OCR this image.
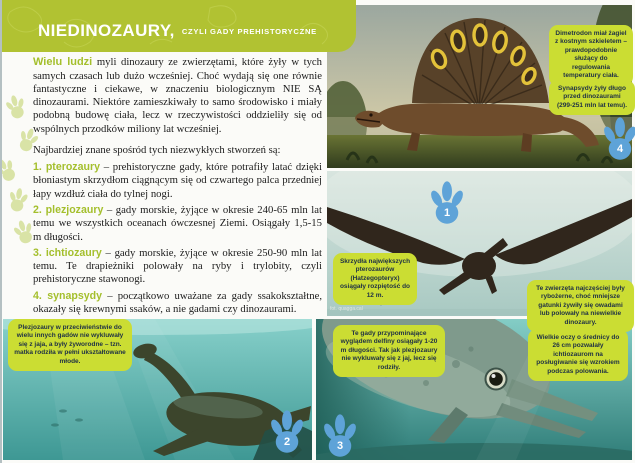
fot. quagga.cal
NIEDINOZAURY, CZYLI GADY PREHISTORYCZNE

Wielu ludzi myli dinozaury ze zwierzętami, które żyły w tych samych czasach lub dużo wcześniej. Choć wydają się one równie fantastyczne i ciekawe, w znaczeniu biologicznym NIE SĄ dinozaurami. Niektóre zamieszkiwały to samo środowisko i miały podobną budowę ciała, lecz w rzeczywistości oddzieliły się od wspólnych przodków miliony lat wcześniej.

Najbardziej znane spośród tych niezwykłych stworzeń są:

1. pterozaury – prehistoryczne gady, które potrafiły latać dzięki błoniastym skrzydłom ciągnącym się od czwartego palca przedniej łapy wzdłuż ciała do tylnej nogi.
2. plezjozaury – gady morskie, żyjące w okresie 240-65 mln lat temu we wszystkich oceanach ówczesnej Ziemi. Osiągały 1,5-15 m długości.
3. ichtiozaury – gady morskie, żyjące w okresie 250-90 mln lat temu. Te drapieżniki polowały na ryby i trylobity, czyli prehistoryczne stawonogi.
4. synapsydy – początkowo uważane za gady ssakokształtne, okazały się krewnymi ssaków, a nie gadami czy dinozaurami.
Dimetrodon miał żagiel z kostnym szkieletem – prawdopodobnie służący do regulowania temperatury ciała.
Synapsydy żyły długo przed dinozaurami (299-251 mln lat temu).
Skrzydła największych pterozaurów (Hatzegopteryx) osiągały rozpiętość do 12 m.
Te zwierzęta najczęściej były rybożerne, choć mniejsze gatunki żywiły się owadami lub polowały na niewielkie dinozaury.
Plezjozaury w przeciwieństwie do wielu innych gadów nie wykluwały się z jaja, a były żyworodne – tzn. matka rodziła w pełni ukształtowane młode.
Te gady przypominające wyglądem delfiny osiągały 1-20 m długości. Tak jak plezjozaury nie wykluwały się z jaj, lecz się rodziły.
Wielkie oczy o średnicy do 26 cm pozwalały ichtiozaurom na posługiwanie się wzrokiem podczas polowania.
1
2	3
4
